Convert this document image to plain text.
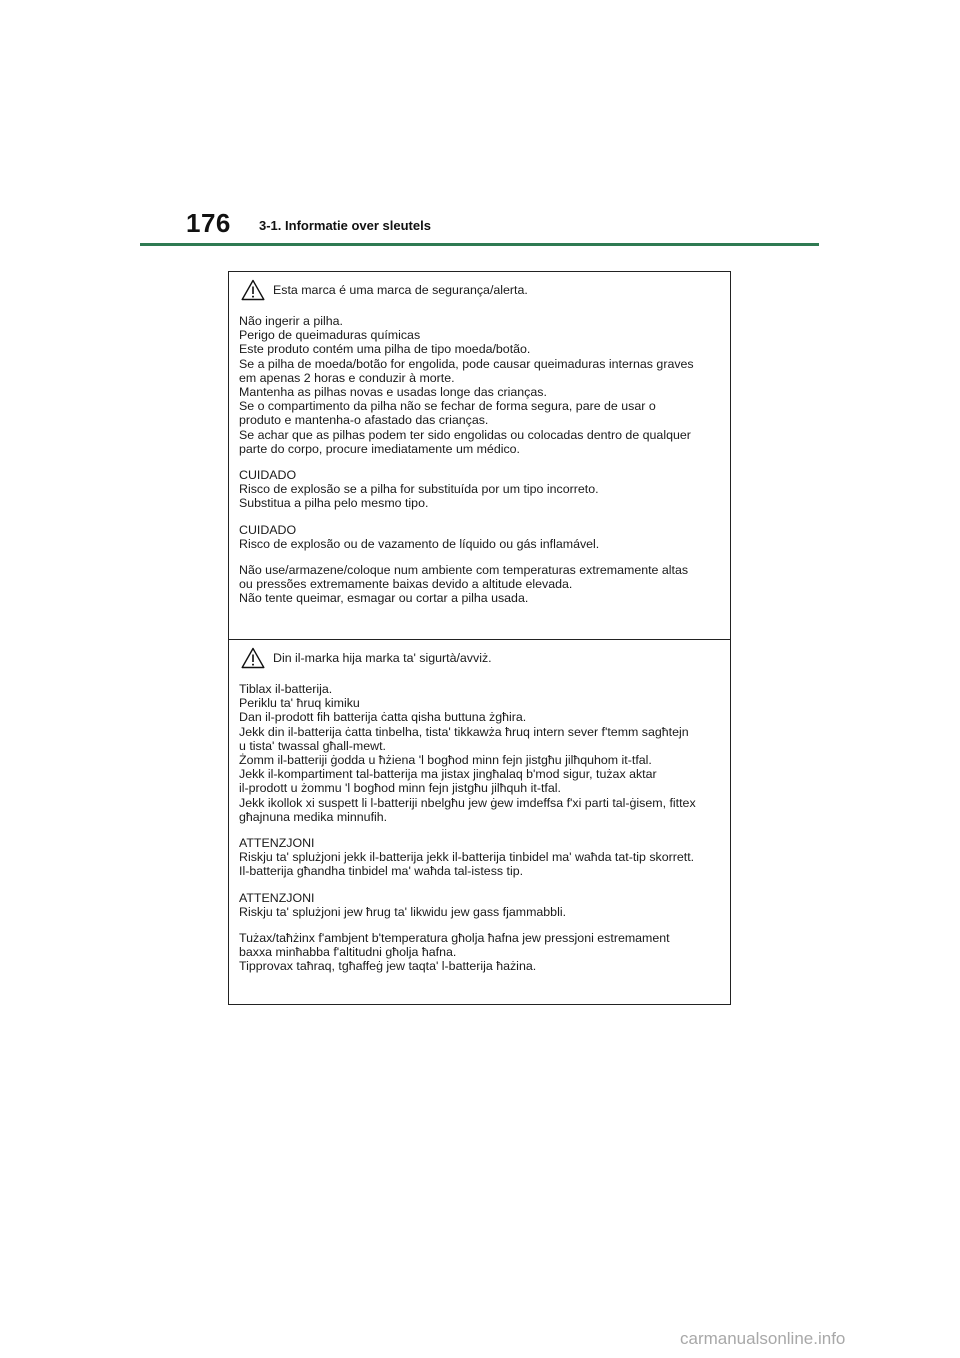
176 3-1. Informatie over sleutels
Esta marca é uma marca de segurança/alerta.
Não ingerir a pilha.
Perigo de queimaduras químicas
Este produto contém uma pilha de tipo moeda/botão.
Se a pilha de moeda/botão for engolida, pode causar queimaduras internas graves
em apenas 2 horas e conduzir à morte.
Mantenha as pilhas novas e usadas longe das crianças.
Se o compartimento da pilha não se fechar de forma segura, pare de usar o
produto e mantenha-o afastado das crianças.
Se achar que as pilhas podem ter sido engolidas ou colocadas dentro de qualquer
parte do corpo, procure imediatamente um médico.
CUIDADO
Risco de explosão se a pilha for substituída por um tipo incorreto.
Substitua a pilha pelo mesmo tipo.
CUIDADO
Risco de explosão ou de vazamento de líquido ou gás inflamável.
Não use/armazene/coloque num ambiente com temperaturas extremamente altas
ou pressões extremamente baixas devido a altitude elevada.
Não tente queimar, esmagar ou cortar a pilha usada.
Din il-marka hija marka ta' sigurtà/avviż.
Tiblax il-batterija.
Periklu ta' ħruq kimiku
Dan il-prodott fih batterija ċatta qisha buttuna żgħira.
Jekk din il-batterija ċatta tinbelha, tista' tikkawża ħruq intern sever f'temm sagħtejn
u tista' twassal għall-mewt.
Żomm il-batteriji ġodda u ħżiena 'l bogħod minn fejn jistgħu jilħquhom it-tfal.
Jekk il-kompartiment tal-batterija ma jistax jingħalaq b'mod sigur, tużax aktar
il-prodott u żommu 'l bogħod minn fejn jistgħu jilħquh it-tfal.
Jekk ikollok xi suspett li l-batteriji nbelgħu jew ġew imdeffsa f'xi parti tal-ġisem, fittex
għajnuna medika minnufih.
ATTENZJONI
Riskju ta' splużjoni jekk il-batterija jekk il-batterija tinbidel ma' waħda tat-tip skorrett.
Il-batterija għandha tinbidel ma' waħda tal-istess tip.
ATTENZJONI
Riskju ta' splużjoni jew ħrug ta' likwidu jew gass fjammabbli.
Tużax/taħżinx f'ambjent b'temperatura għolja ħafna jew pressjoni estremament
baxxa minħabba f'altitudni għolja ħafna.
Tipprovax taħraq, tgħaffeġ jew taqta' l-batterija ħażina.
carmanualsonline.info
